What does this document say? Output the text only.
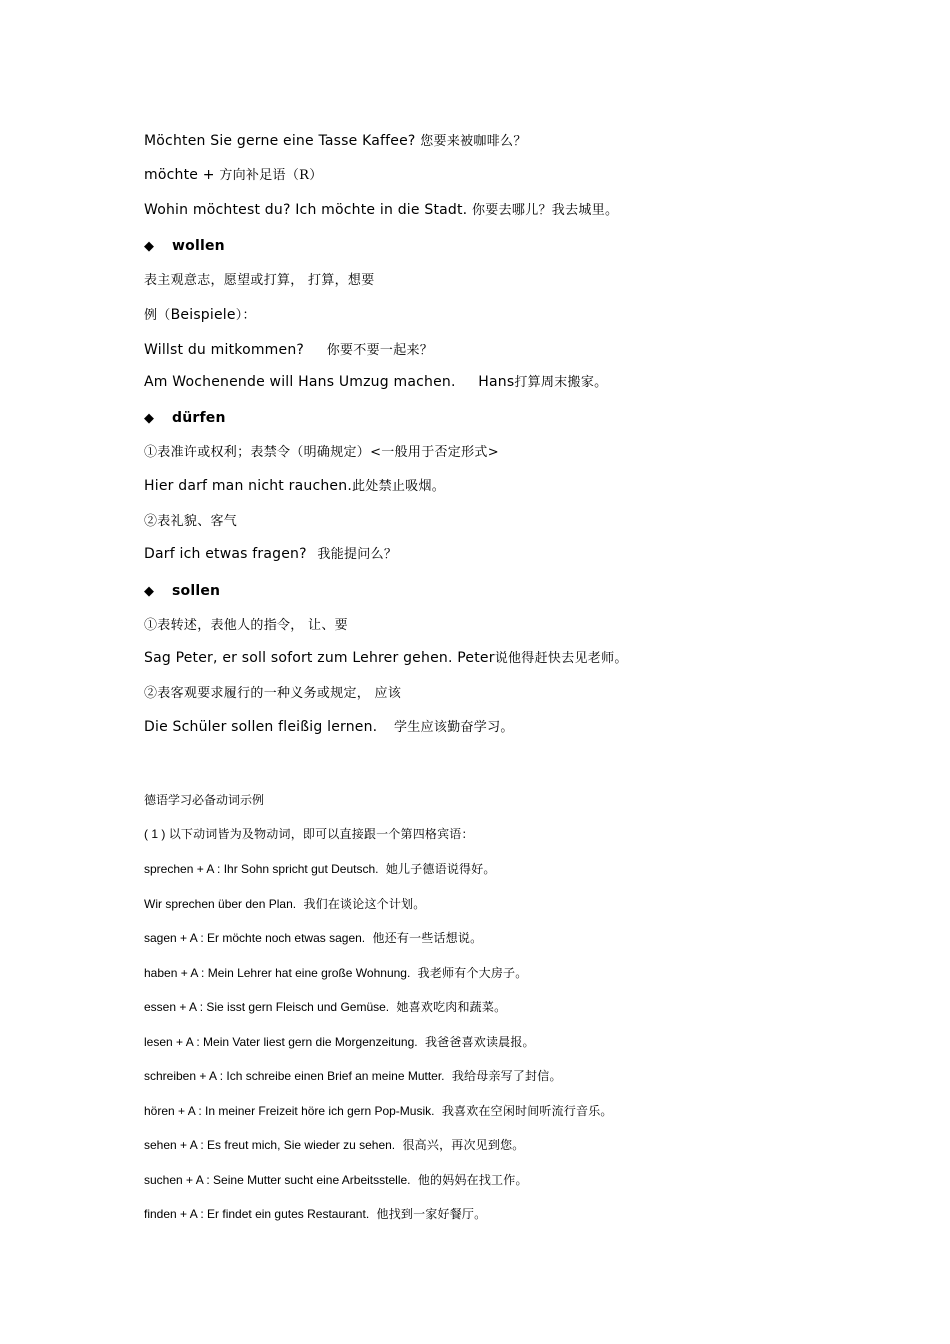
Möchten Sie gerne eine Tasse Kaffee? 您要来被咖啡么？
möchte + 方向补足语（R）
Wohin möchtest du? Ich möchte in die Stadt. 你要去哪儿？我去城里。
◆ wollen
表主观意志，愿望或打算， 打算，想要
例（Beispiele）：
Willst du mitkommen? 你要不要一起来？
Am Wochenende will Hans Umzug machen. Hans打算周末搬家。
◆ dürfen
①表准许或权利；表禁令（明确规定）<一般用于否定形式>
Hier darf man nicht rauchen.此处禁止吸烟。
②表礼貌、客气
Darf ich etwas fragen? 我能提问么？
◆ sollen
①表转述，表他人的指令， 让、要
Sag Peter, er soll sofort zum Lehrer gehen. Peter说他得赶快去见老师。
②表客观要求履行的一种义务或规定， 应该
Die Schüler sollen fleißig lernen. 学生应该勤奋学习。
德语学习必备动词示例
( 1 ) 以下动词皆为及物动词，即可以直接跟一个第四格宾语：
sprechen + A : Ihr Sohn spricht gut Deutsch. 她儿子德语说得好。
Wir sprechen über den Plan. 我们在谈论这个计划。
sagen + A : Er möchte noch etwas sagen. 他还有一些话想说。
haben + A : Mein Lehrer hat eine große Wohnung. 我老师有个大房子。
essen + A : Sie isst gern Fleisch und Gemüse. 她喜欢吃肉和蔬菜。
lesen + A : Mein Vater liest gern die Morgenzeitung. 我爸爸喜欢读晨报。
schreiben + A : Ich schreibe einen Brief an meine Mutter. 我给母亲写了封信。
hören + A : In meiner Freizeit höre ich gern Pop-Musik. 我喜欢在空闲时间听流行音乐。
sehen + A : Es freut mich, Sie wieder zu sehen. 很高兴，再次见到您。
suchen + A : Seine Mutter sucht eine Arbeitsstelle. 他的妈妈在找工作。
finden + A : Er findet ein gutes Restaurant. 他找到一家好餐厅。
